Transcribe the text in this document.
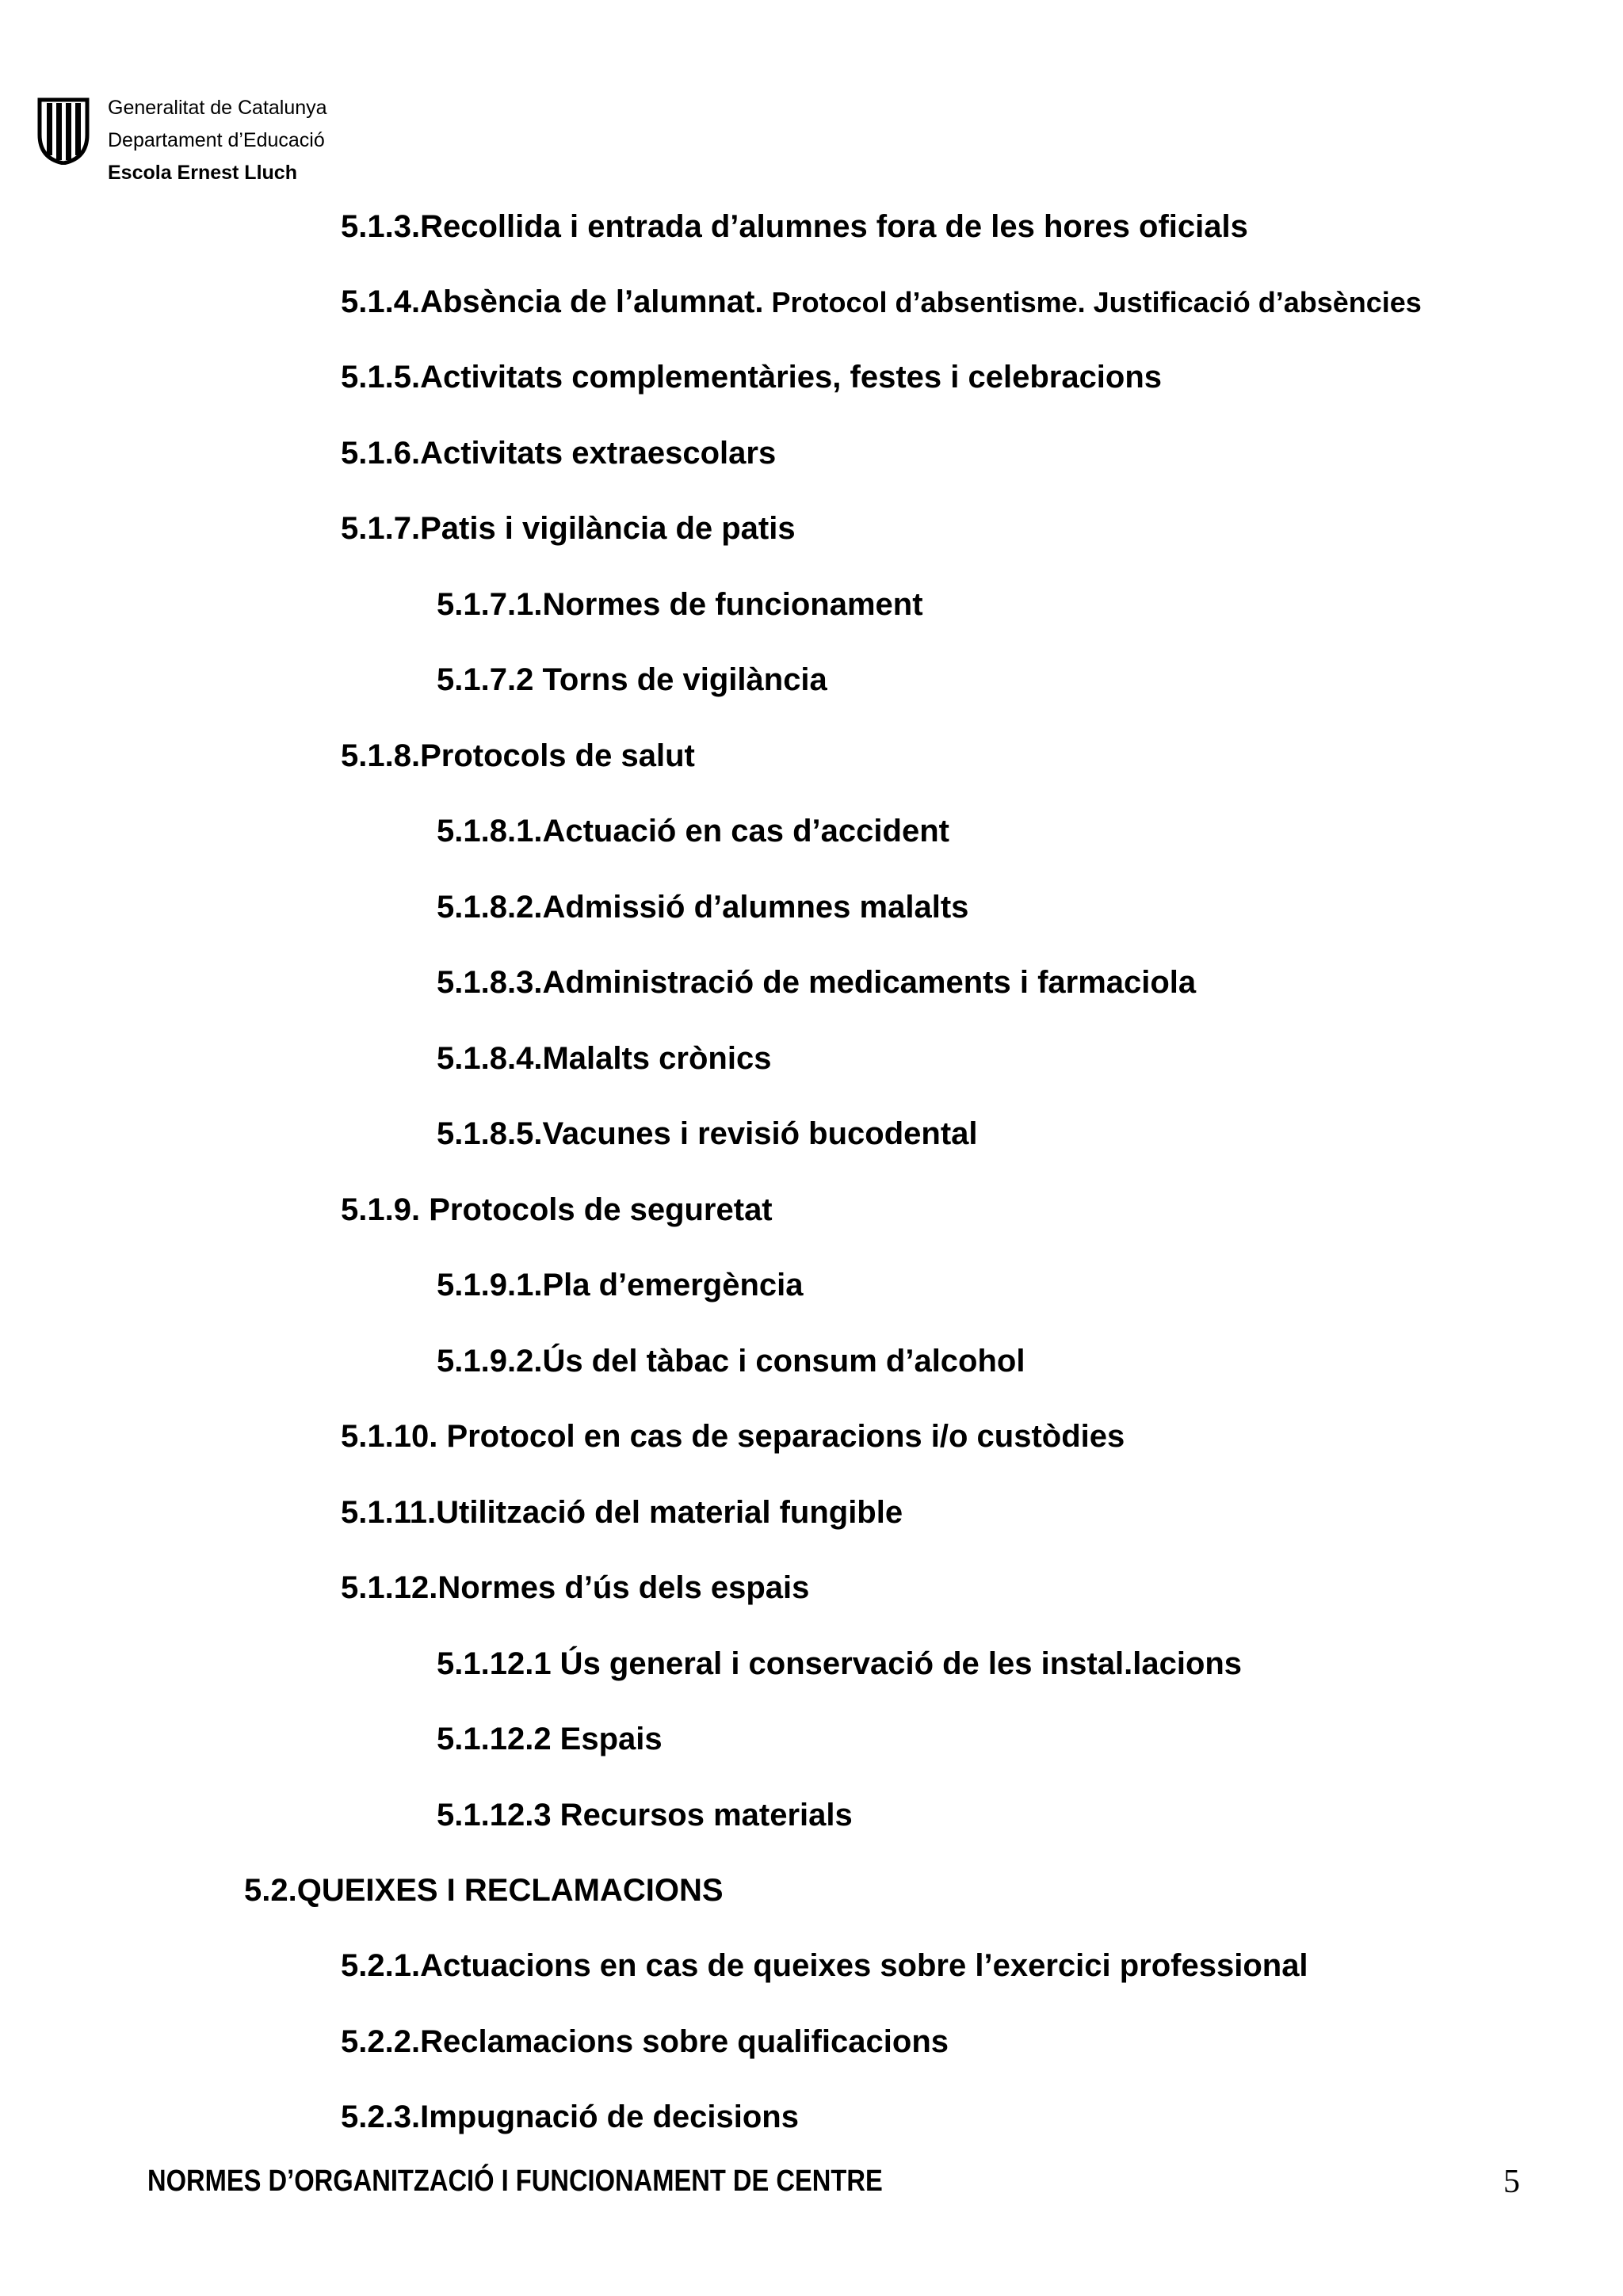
Generalitat de Catalunya
Departament d’Educació
Escola Ernest Lluch
5.1.3.Recollida i entrada d’alumnes fora de les hores oficials
5.1.4.Absència de l’alumnat. Protocol d’absentisme. Justificació d’absències
5.1.5.Activitats complementàries, festes i celebracions
5.1.6.Activitats extraescolars
5.1.7.Patis i vigilància de patis
5.1.7.1.Normes de funcionament
5.1.7.2 Torns de vigilància
5.1.8.Protocols de salut
5.1.8.1.Actuació en cas d’accident
5.1.8.2.Admissió d’alumnes malalts
5.1.8.3.Administració de medicaments i farmaciola
5.1.8.4.Malalts crònics
5.1.8.5.Vacunes i revisió bucodental
5.1.9. Protocols de seguretat
5.1.9.1.Pla d’emergència
5.1.9.2.Ús del tàbac i consum d’alcohol
5.1.10. Protocol en cas de separacions i/o custòdies
5.1.11.Utilització del material fungible
5.1.12.Normes d’ús dels espais
5.1.12.1 Ús general i conservació de les instal.lacions
5.1.12.2 Espais
5.1.12.3 Recursos materials
5.2.QUEIXES I RECLAMACIONS
5.2.1.Actuacions en cas de queixes sobre l’exercici professional
5.2.2.Reclamacions sobre qualificacions
5.2.3.Impugnació de decisions
NORMES D’ORGANITZACIÓ I FUNCIONAMENT DE CENTRE	5
